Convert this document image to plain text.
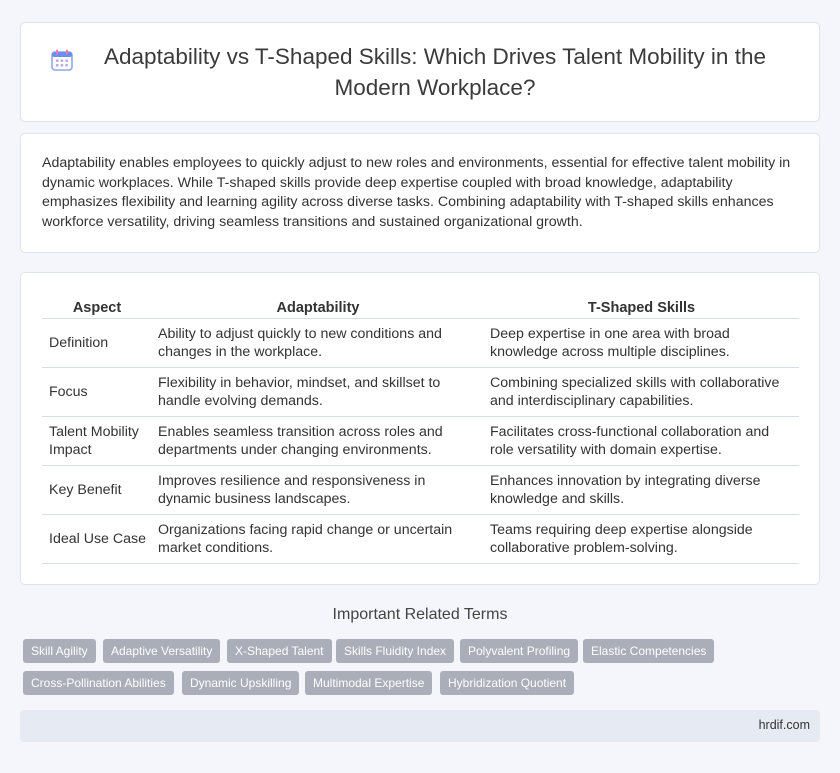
Adaptability vs T-Shaped Skills: Which Drives Talent Mobility in the Modern Workplace?

Adaptability enables employees to quickly adjust to new roles and environments, essential for effective talent mobility in dynamic workplaces. While T-shaped skills provide deep expertise coupled with broad knowledge, adaptability emphasizes flexibility and learning agility across diverse tasks. Combining adaptability with T-shaped skills enhances workforce versatility, driving seamless transitions and sustained organizational growth.

Aspect	Adaptability	T-Shaped Skills
Definition	Ability to adjust quickly to new conditions and changes in the workplace.	Deep expertise in one area with broad knowledge across multiple disciplines.
Focus	Flexibility in behavior, mindset, and skillset to handle evolving demands.	Combining specialized skills with collaborative and interdisciplinary capabilities.
Talent Mobility Impact	Enables seamless transition across roles and departments under changing environments.	Facilitates cross-functional collaboration and role versatility with domain expertise.
Key Benefit	Improves resilience and responsiveness in dynamic business landscapes.	Enhances innovation by integrating diverse knowledge and skills.
Ideal Use Case	Organizations facing rapid change or uncertain market conditions.	Teams requiring deep expertise alongside collaborative problem-solving.
Important Related Terms
Skill Agility	Adaptive Versatility	X-Shaped Talent	Skills Fluidity Index	Polyvalent Profiling	Elastic Competencies
Cross-Pollination Abilities	Dynamic Upskilling	Multimodal Expertise	Hybridization Quotient
hrdif.com
